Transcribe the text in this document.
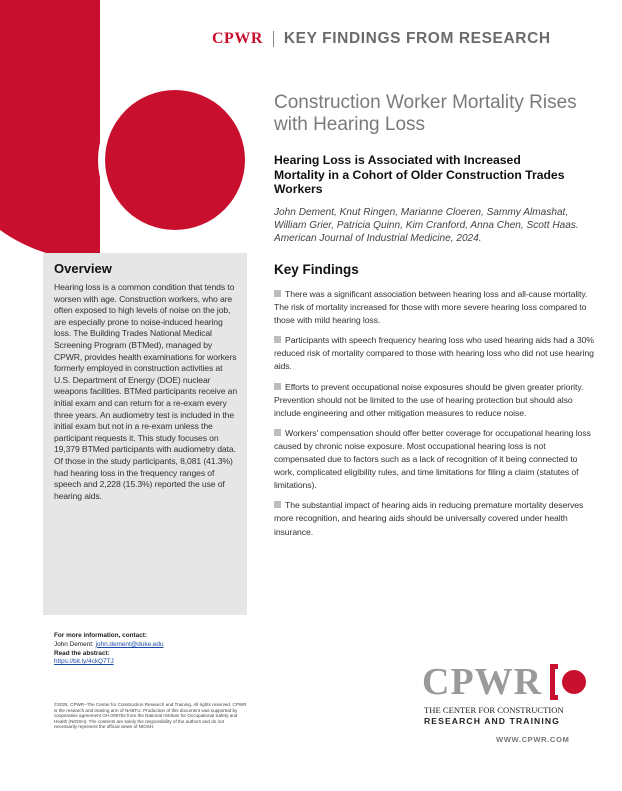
CPWR KEY FINDINGS FROM RESEARCH
Construction Worker Mortality Rises with Hearing Loss
Hearing Loss is Associated with Increased Mortality in a Cohort of Older Construction Trades Workers

John Dement, Knut Ringen, Marianne Cloeren, Sammy Almashat, William Grier, Patricia Quinn, Kim Cranford, Anna Chen, Scott Haas. American Journal of Industrial Medicine, 2024.

Overview

Hearing loss is a common condition that tends to worsen with age. Construction workers, who are often exposed to high levels of noise on the job, are especially prone to noise-induced hearing loss. The Building Trades National Medical Screening Program (BTMed), managed by CPWR, provides health examinations for workers formerly employed in construction activities at U.S. Department of Energy (DOE) nuclear weapons facilities. BTMed participants receive an initial exam and can return for a re-exam every three years. An audiometry test is included in the initial exam but not in a re-exam unless the participant requests it. This study focuses on 19,379 BTMed participants with audiometry data. Of those in the study participants, 8,081 (41.3%) had hearing loss in the frequency ranges of speech and 2,228 (15.3%) reported the use of hearing aids.

For more information, contact:
John Dement: john.dement@duke.edu
Read the abstract:
https://bit.ly/4ckQ7TJ
©2025, CPWR–The Center for Construction Research and Training. All rights reserved. CPWR is the research and training arm of NABTU. Production of this document was supported by cooperative agreement OH 009762 from the National Institute for Occupational Safety and Health (NIOSH). The contents are solely the responsibility of the authors and do not necessarily represent the official views of NIOSH.
Key Findings

There was a significant association between hearing loss and all-cause mortality. The risk of mortality increased for those with more severe hearing loss compared to those with mild hearing loss.

Participants with speech frequency hearing loss who used hearing aids had a 30% reduced risk of mortality compared to those with hearing loss who did not use hearing aids.

Efforts to prevent occupational noise exposures should be given greater priority. Prevention should not be limited to the use of hearing protection but should also include engineering and other mitigation measures to reduce noise.

Workers' compensation should offer better coverage for occupational hearing loss caused by chronic noise exposure. Most occupational hearing loss is not compensated due to factors such as a lack of recognition of it being connected to work, complicated eligibility rules, and time limitations for filing a claim (statutes of limitations).

The substantial impact of hearing aids in reducing premature mortality deserves more recognition, and hearing aids should be universally covered under health insurance.

CPWR
THE CENTER FOR CONSTRUCTION
RESEARCH AND TRAINING
WWW.CPWR.COM
